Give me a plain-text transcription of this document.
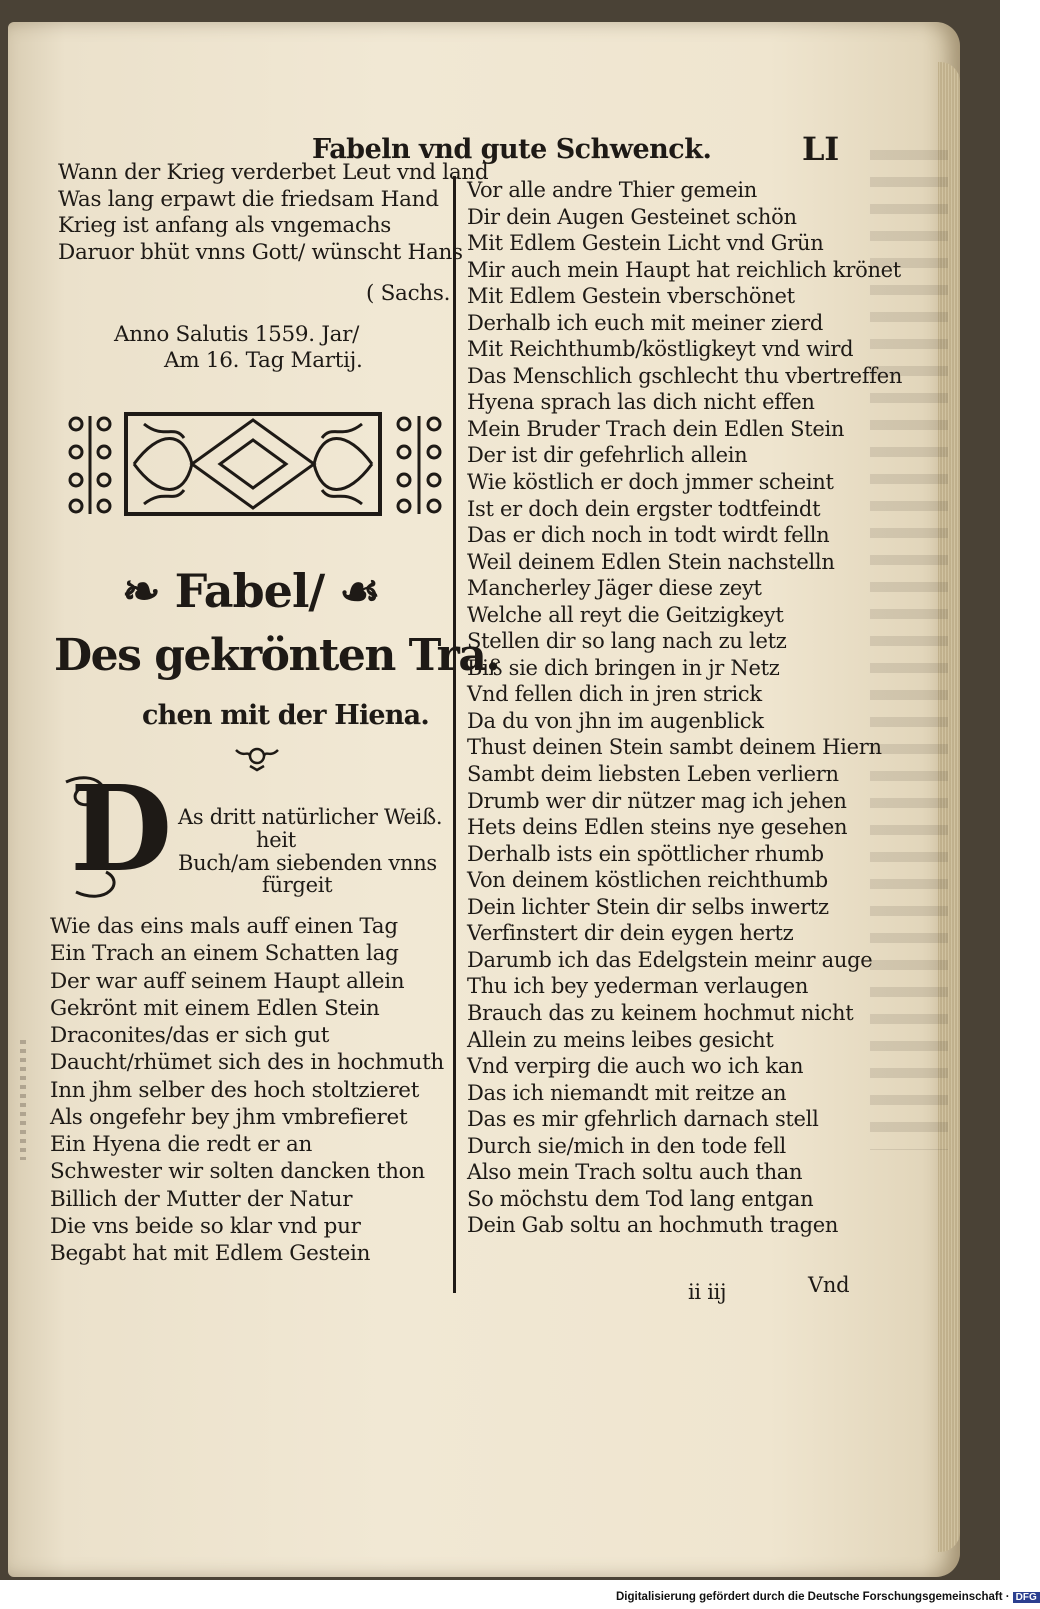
Fabeln vnd gute Schwenck.	LI
Wann der Krieg verderbet Leut vnd land
Was lang erpawt die friedsam Hand
Krieg ist anfang als vngemachs
Daruor bhüt vnns Gott/ wünscht Hans
( Sachs.
Anno Salutis 1559. Jar/
Am 16. Tag Martij.
❧ Fabel/ ☙
Des gekrönten Tra.
chen mit der Hiena.
D As dritt natürlicher Weiß.
heit
Buch/am siebenden vnns
fürgeit
Wie das eins mals auff einen Tag
Ein Trach an einem Schatten lag
Der war auff seinem Haupt allein
Gekrönt mit einem Edlen Stein
Draconites/das er sich gut
Daucht/rhümet sich des in hochmuth
Inn jhm selber des hoch stoltzieret
Als ongefehr bey jhm vmbrefieret
Ein Hyena die redt er an
Schwester wir solten dancken thon
Billich der Mutter der Natur
Die vns beide so klar vnd pur
Begabt hat mit Edlem Gestein
Vor alle andre Thier gemein
Dir dein Augen Gesteinet schön
Mit Edlem Gestein Licht vnd Grün
Mir auch mein Haupt hat reichlich krönet
Mit Edlem Gestein vberschönet
Derhalb ich euch mit meiner zierd
Mit Reichthumb/köstligkeyt vnd wird
Das Menschlich gschlecht thu vbertreffen
Hyena sprach las dich nicht effen
Mein Bruder Trach dein Edlen Stein
Der ist dir gefehrlich allein
Wie köstlich er doch jmmer scheint
Ist er doch dein ergster todtfeindt
Das er dich noch in todt wirdt felln
Weil deinem Edlen Stein nachstelln
Mancherley Jäger diese zeyt
Welche all reyt die Geitzigkeyt
Stellen dir so lang nach zu letz
Biß sie dich bringen in jr Netz
Vnd fellen dich in jren strick
Da du von jhn im augenblick
Thust deinen Stein sambt deinem Hiern
Sambt deim liebsten Leben verliern
Drumb wer dir nützer mag ich jehen
Hets deins Edlen steins nye gesehen
Derhalb ists ein spöttlicher rhumb
Von deinem köstlichen reichthumb
Dein lichter Stein dir selbs inwertz
Verfinstert dir dein eygen hertz
Darumb ich das Edelgstein meinr auge
Thu ich bey yederman verlaugen
Brauch das zu keinem hochmut nicht
Allein zu meins leibes gesicht
Vnd verpirg die auch wo ich kan
Das ich niemandt mit reitze an
Das es mir gfehrlich darnach stell
Durch sie/mich in den tode fell
Also mein Trach soltu auch than
So möchstu dem Tod lang entgan
Dein Gab soltu an hochmuth tragen
ii iij	Vnd
Digitalisierung gefördert durch die Deutsche Forschungsgemeinschaft · DFG
